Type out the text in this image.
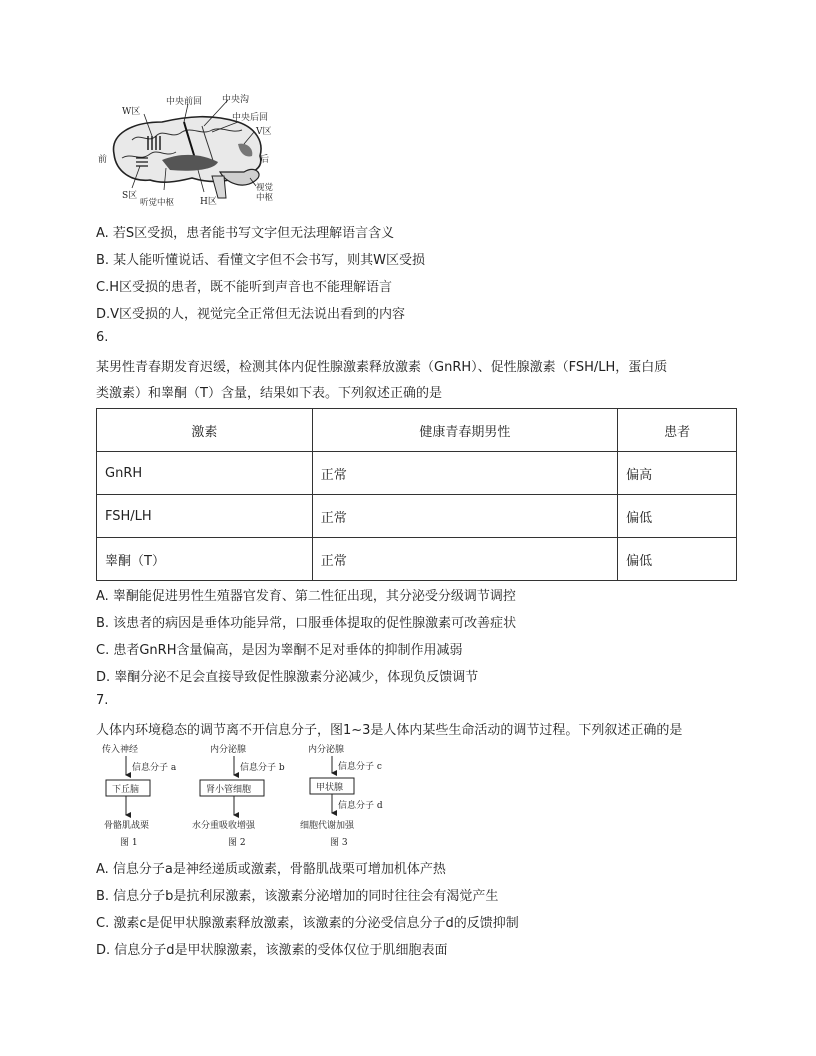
W区
中央前回 中央沟
中央后回
V区
前	后
S区
听觉中枢	H区
视觉
中枢
A. 若S区受损，患者能书写文字但无法理解语言含义
B. 某人能听懂说话、看懂文字但不会书写，则其W区受损
C.H区受损的患者，既不能听到声音也不能理解语言
D.V区受损的人，视觉完全正常但无法说出看到的内容
6.
某男性青春期发育迟缓，检测其体内促性腺激素释放激素（GnRH）、促性腺激素（FSH/LH，蛋白质
类激素）和睾酮（T）含量，结果如下表。下列叙述正确的是
激素	健康青春期男性	患者
GnRH	正常	偏高
FSH/LH	正常	偏低
睾酮（T）	正常	偏低
A. 睾酮能促进男性生殖器官发育、第二性征出现，其分泌受分级调节调控
B. 该患者的病因是垂体功能异常，口服垂体提取的促性腺激素可改善症状
C. 患者GnRH含量偏高，是因为睾酮不足对垂体的抑制作用减弱
D. 睾酮分泌不足会直接导致促性腺激素分泌减少，体现负反馈调节
7.
人体内环境稳态的调节离不开信息分子，图1~3是人体内某些生命活动的调节过程。下列叙述正确的是
传入神经
信息分子 a
下丘脑
骨骼肌战栗
图 1
内分泌腺
信息分子 b
肾小管细胞
水分重吸收增强
图 2
内分泌腺
信息分子 c
甲状腺
信息分子 d
细胞代谢加强
图 3
A. 信息分子a是神经递质或激素，骨骼肌战栗可增加机体产热
B. 信息分子b是抗利尿激素，该激素分泌增加的同时往往会有渴觉产生
C. 激素c是促甲状腺激素释放激素，该激素的分泌受信息分子d的反馈抑制
D. 信息分子d是甲状腺激素，该激素的受体仅位于肌细胞表面
